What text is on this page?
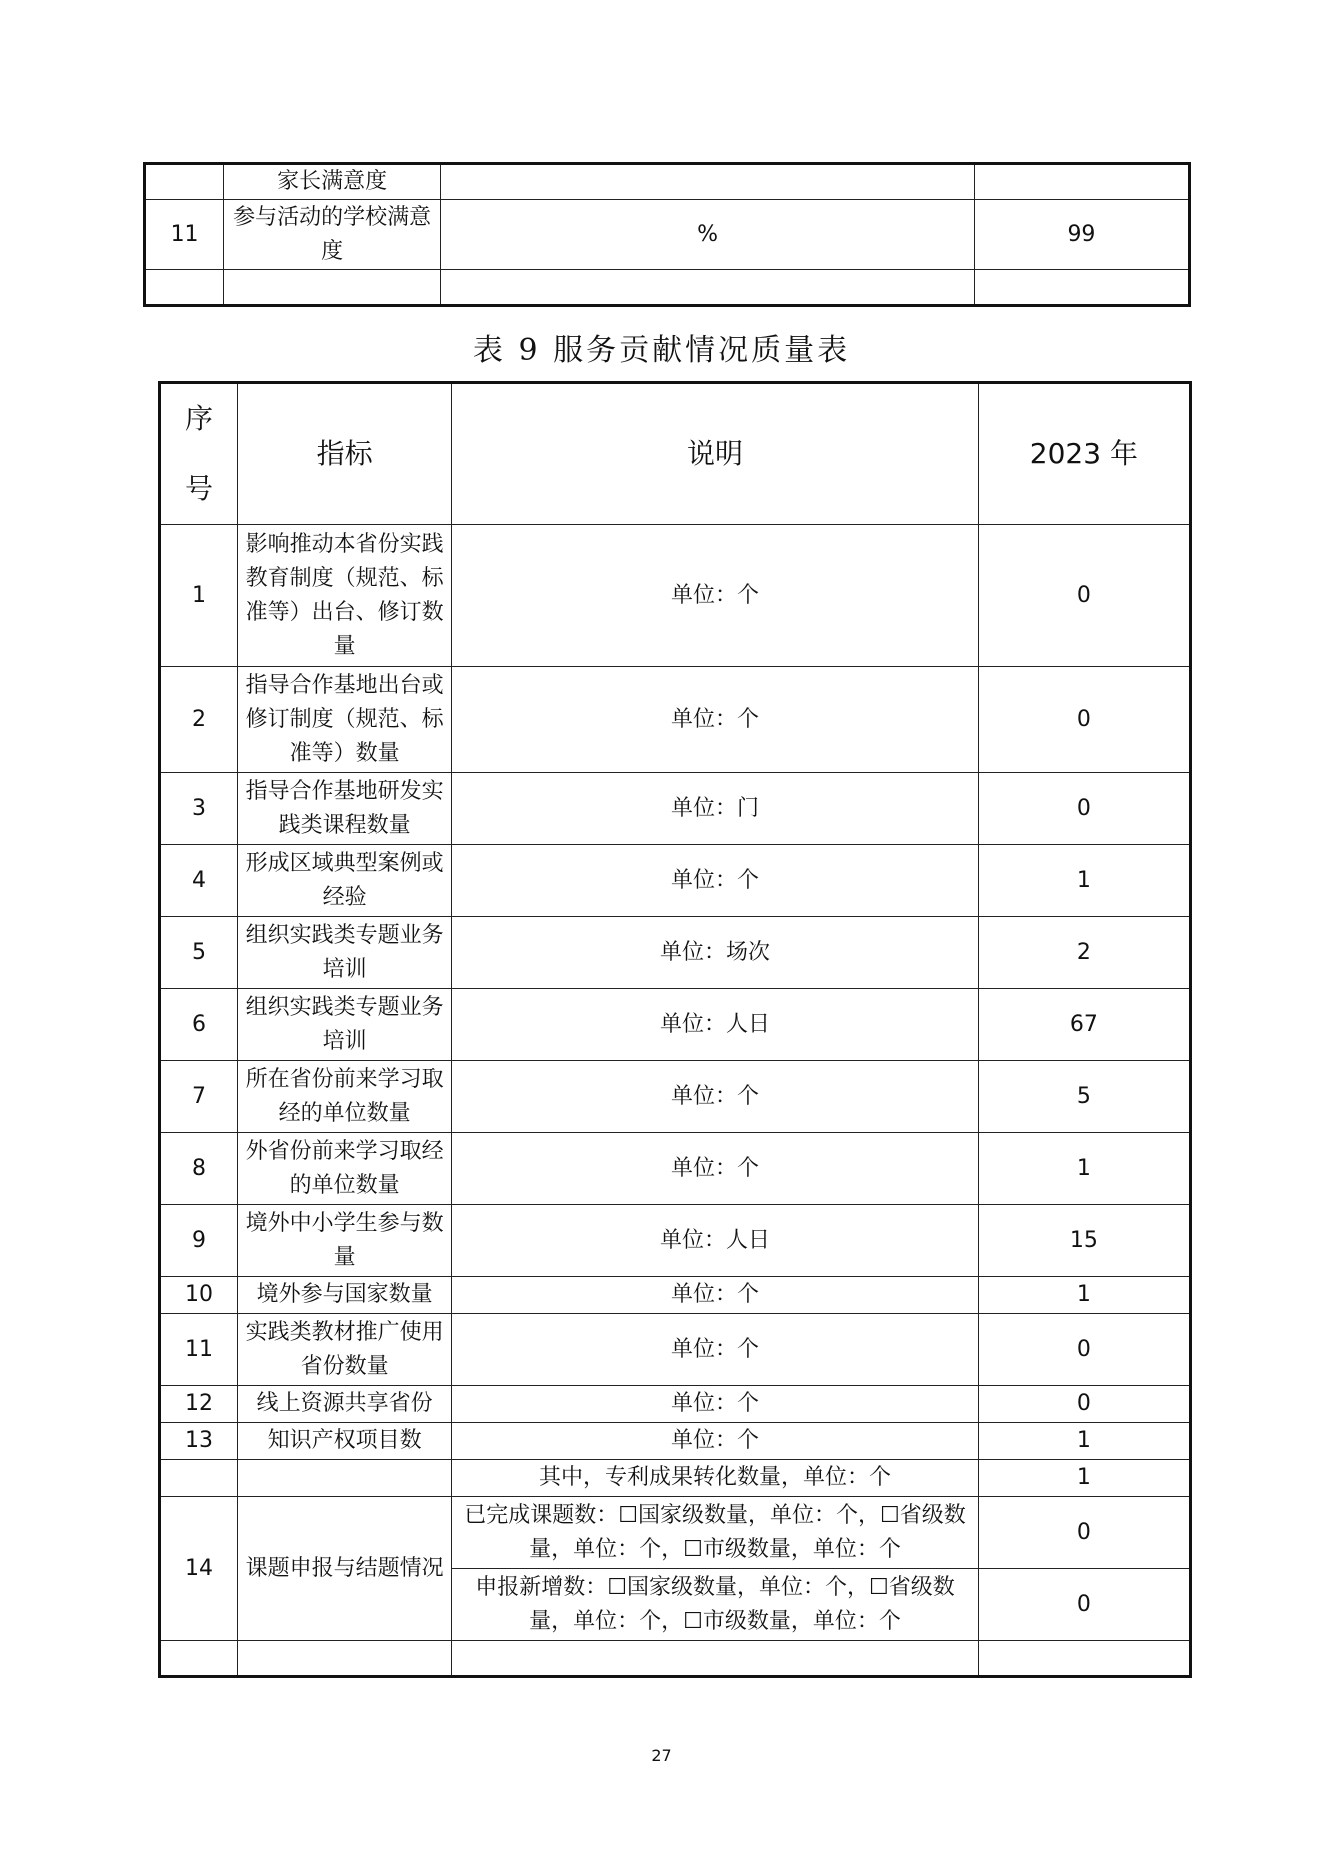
	家长满意度		
11	参与活动的学校满意度	%	99

表 9 服务贡献情况质量表
序号	指标	说明	2023 年
1	影响推动本省份实践教育制度（规范、标准等）出台、修订数量	单位：个	0
2	指导合作基地出台或修订制度（规范、标准等）数量	单位：个	0
3	指导合作基地研发实践类课程数量	单位：门	0
4	形成区域典型案例或经验	单位：个	1
5	组织实践类专题业务培训	单位：场次	2
6	组织实践类专题业务培训	单位：人日	67
7	所在省份前来学习取经的单位数量	单位：个	5
8	外省份前来学习取经的单位数量	单位：个	1
9	境外中小学生参与数量	单位：人日	15
10	境外参与国家数量	单位：个	1
11	实践类教材推广使用省份数量	单位：个	0
12	线上资源共享省份	单位：个	0
13	知识产权项目数	单位：个	1
		其中，专利成果转化数量，单位：个	1
14	课题申报与结题情况	已完成课题数：☐国家级数量，单位：个，☐省级数量，单位：个，☐市级数量，单位：个	0
		申报新增数：☐国家级数量，单位：个，☐省级数量，单位：个，☐市级数量，单位：个	0

27
